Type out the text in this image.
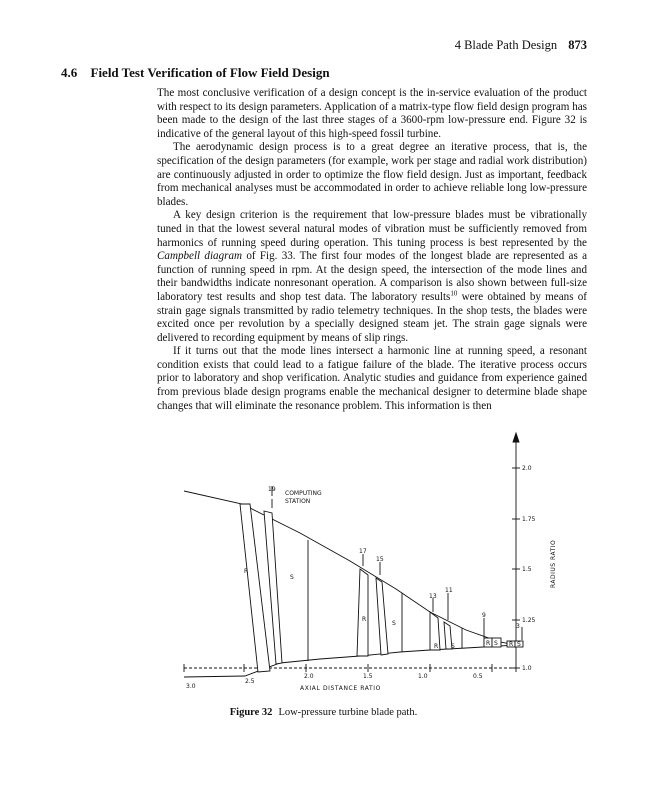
4 Blade Path Design 873
4.6 Field Test Verification of Flow Field Design

The most conclusive verification of a design concept is the in-service evaluation of the product with respect to its design parameters. Application of a matrix-type flow field design program has been made to the design of the last three stages of a 3600-rpm low-pressure end. Figure 32 is indicative of the general layout of this high-speed fossil turbine.

The aerodynamic design process is to a great degree an iterative process, that is, the specification of the design parameters (for example, work per stage and radial work distribution) are continuously adjusted in order to optimize the flow field design. Just as important, feedback from mechanical analyses must be accommodated in order to achieve reliable long low-pressure blades.

A key design criterion is the requirement that low-pressure blades must be vibrationally tuned in that the lowest several natural modes of vibration must be sufficiently removed from harmonics of running speed during operation. This tuning process is best represented by the Campbell diagram of Fig. 33. The first four modes of the longest blade are represented as a function of running speed in rpm. At the design speed, the intersection of the mode lines and their bandwidths indicate nonresonant operation. A comparison is also shown between full-size laboratory test results and shop test data. The laboratory results$^{10}$ were obtained by means of strain gage signals transmitted by radio telemetry techniques. In the shop tests, the blades were excited once per revolution by a specially designed steam jet. The strain gage signals were delivered to recording equipment by means of slip rings.

If it turns out that the mode lines intersect a harmonic line at running speed, a resonant condition exists that could lead to a fatigue failure of the blade. The iterative process occurs prior to laboratory and shop verification. Analytic studies and guidance from experience gained from previous blade design programs enable the mechanical designer to determine blade shape changes that will eliminate the resonance problem. This information is then

2.0
1.75
1.5
1.25
1.0
RADIUS RATIO
3.0
2.5
2.0	1.5	1.0	0.5
AXIAL DISTANCE RATIO
COMPUTING
STATION
19
17
15
13
11
9
3
R
S
R
S
R S	R S R S
Figure 32 Low-pressure turbine blade path.
